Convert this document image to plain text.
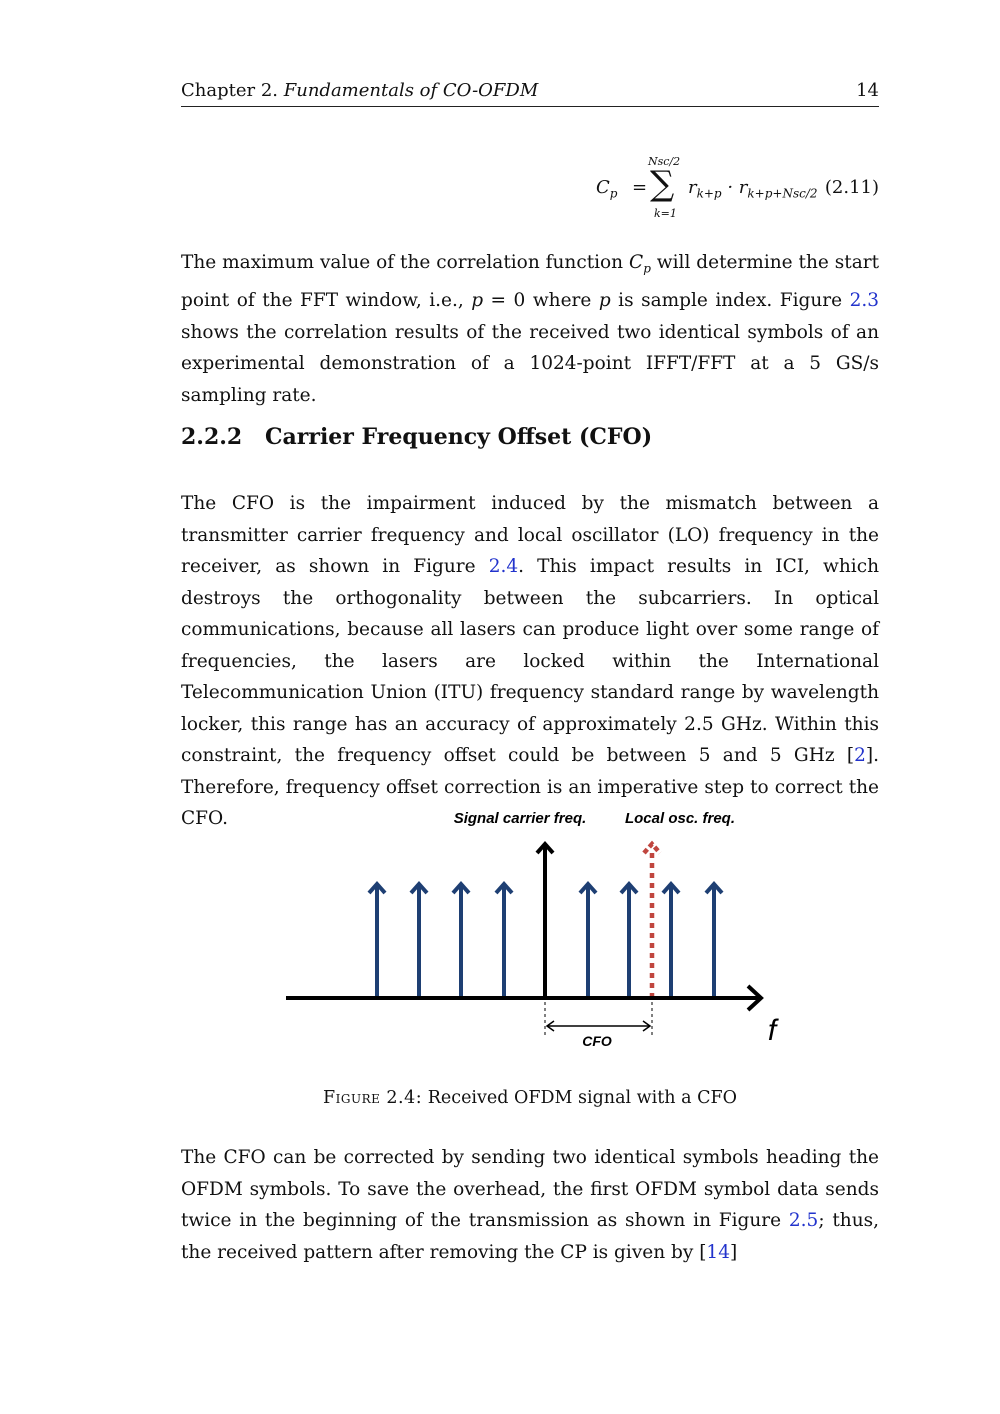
Chapter 2. Fundamentals of CO-OFDM	14
$C_p$ =
Nsc/2
∑
k=1
$r_{k+p} \cdot r_{k+p+Nsc/2}$ (2.11)
The maximum value of the correlation function $C_p$ will determine the start point of the FFT window, i.e., p = 0 where p is sample index. Figure 2.3 shows the correlation results of the received two identical symbols of an experimental demonstration of a 1024-point IFFT/FFT at a 5 GS/s sampling rate.
2.2.2 Carrier Frequency Offset (CFO)
The CFO is the impairment induced by the mismatch between a transmitter carrier frequency and local oscillator (LO) frequency in the receiver, as shown in Figure 2.4. This impact results in ICI, which destroys the orthogonality between the subcarriers. In optical communications, because all lasers can produce light over some range of frequencies, the lasers are locked within the International Telecommunication Union (ITU) frequency standard range by wavelength locker, this range has an accuracy of approximately 2.5 GHz. Within this constraint, the frequency offset could be between 5 and 5 GHz [2]. Therefore, frequency offset correction is an imperative step to correct the CFO.	Signal carrier freq.	Local osc. freq.
f
CFO
Figure 2.4: Received OFDM signal with a CFO
The CFO can be corrected by sending two identical symbols heading the OFDM symbols. To save the overhead, the first OFDM symbol data sends twice in the beginning of the transmission as shown in Figure 2.5; thus, the received pattern after removing the CP is given by [14]
